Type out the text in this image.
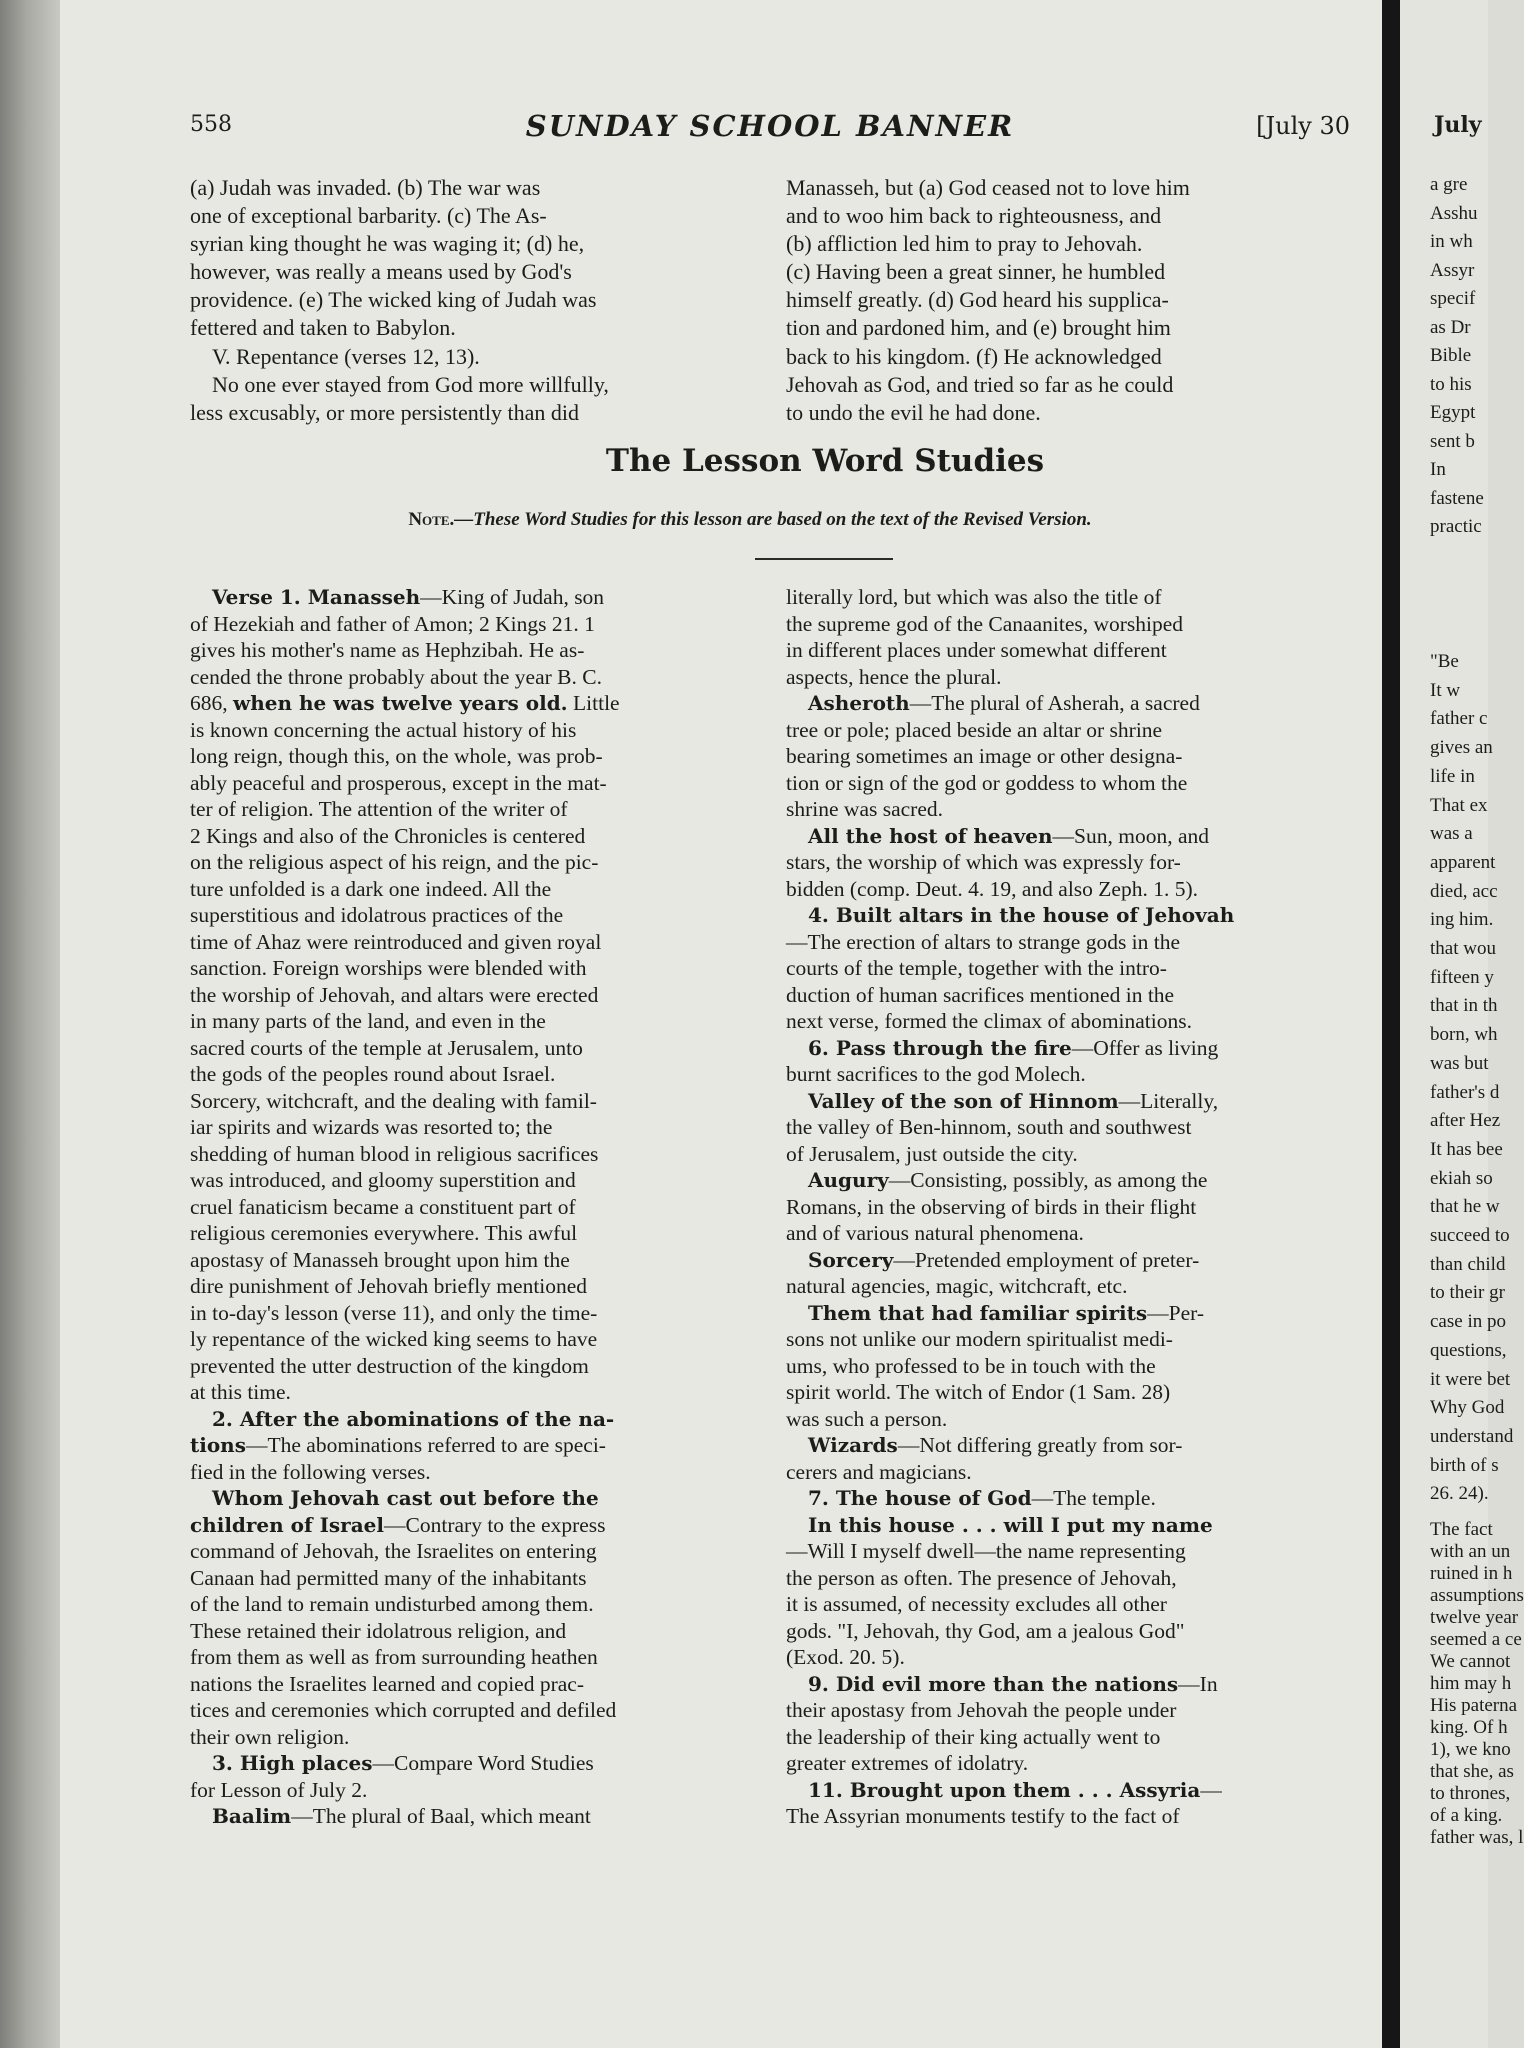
July
a gre
Asshu
in wh
Assyr
specif
as Dr
Bible
to his
Egypt
sent b
In
fastene
practic
"Be
It w
father c
gives an
life in
That ex
was a
apparent
died, acc
ing him.
that wou
fifteen y
that in th
born, wh
was but
father's d
after Hez
It has bee
ekiah so
that he w
succeed to
than child
to their gr
case in po
questions,
it were bet
Why God
understand
birth of s
26. 24).
The fact
with an un
ruined in h
assumptions
twelve year
seemed a ce
We cannot
him may h
His paterna
king. Of h
1), we kno
that she, as
to thrones,
of a king.
father was, l
558	SUNDAY SCHOOL BANNER	[July 30
(a) Judah was invaded. (b) The war was
one of exceptional barbarity. (c) The As-
syrian king thought he was waging it; (d) he,
however, was really a means used by God's
providence. (e) The wicked king of Judah was
fettered and taken to Babylon.
V. Repentance (verses 12, 13).
No one ever stayed from God more willfully,
less excusably, or more persistently than did
Manasseh, but (a) God ceased not to love him
and to woo him back to righteousness, and
(b) affliction led him to pray to Jehovah.
(c) Having been a great sinner, he humbled
himself greatly. (d) God heard his supplica-
tion and pardoned him, and (e) brought him
back to his kingdom. (f) He acknowledged
Jehovah as God, and tried so far as he could
to undo the evil he had done.
The Lesson Word Studies
Note.—These Word Studies for this lesson are based on the text of the Revised Version.
Verse 1. Manasseh—King of Judah, son
of Hezekiah and father of Amon; 2 Kings 21. 1
gives his mother's name as Hephzibah. He as-
cended the throne probably about the year B. C.
686, when he was twelve years old. Little
is known concerning the actual history of his
long reign, though this, on the whole, was prob-
ably peaceful and prosperous, except in the mat-
ter of religion. The attention of the writer of
2 Kings and also of the Chronicles is centered
on the religious aspect of his reign, and the pic-
ture unfolded is a dark one indeed. All the
superstitious and idolatrous practices of the
time of Ahaz were reintroduced and given royal
sanction. Foreign worships were blended with
the worship of Jehovah, and altars were erected
in many parts of the land, and even in the
sacred courts of the temple at Jerusalem, unto
the gods of the peoples round about Israel.
Sorcery, witchcraft, and the dealing with famil-
iar spirits and wizards was resorted to; the
shedding of human blood in religious sacrifices
was introduced, and gloomy superstition and
cruel fanaticism became a constituent part of
religious ceremonies everywhere. This awful
apostasy of Manasseh brought upon him the
dire punishment of Jehovah briefly mentioned
in to-day's lesson (verse 11), and only the time-
ly repentance of the wicked king seems to have
prevented the utter destruction of the kingdom
at this time.
2. After the abominations of the na-
tions—The abominations referred to are speci-
fied in the following verses.
Whom Jehovah cast out before the
children of Israel—Contrary to the express
command of Jehovah, the Israelites on entering
Canaan had permitted many of the inhabitants
of the land to remain undisturbed among them.
These retained their idolatrous religion, and
from them as well as from surrounding heathen
nations the Israelites learned and copied prac-
tices and ceremonies which corrupted and defiled
their own religion.
3. High places—Compare Word Studies
for Lesson of July 2.
Baalim—The plural of Baal, which meant
literally lord, but which was also the title of
the supreme god of the Canaanites, worshiped
in different places under somewhat different
aspects, hence the plural.
Asheroth—The plural of Asherah, a sacred
tree or pole; placed beside an altar or shrine
bearing sometimes an image or other designa-
tion or sign of the god or goddess to whom the
shrine was sacred.
All the host of heaven—Sun, moon, and
stars, the worship of which was expressly for-
bidden (comp. Deut. 4. 19, and also Zeph. 1. 5).
4. Built altars in the house of Jehovah
—The erection of altars to strange gods in the
courts of the temple, together with the intro-
duction of human sacrifices mentioned in the
next verse, formed the climax of abominations.
6. Pass through the fire—Offer as living
burnt sacrifices to the god Molech.
Valley of the son of Hinnom—Literally,
the valley of Ben-hinnom, south and southwest
of Jerusalem, just outside the city.
Augury—Consisting, possibly, as among the
Romans, in the observing of birds in their flight
and of various natural phenomena.
Sorcery—Pretended employment of preter-
natural agencies, magic, witchcraft, etc.
Them that had familiar spirits—Per-
sons not unlike our modern spiritualist medi-
ums, who professed to be in touch with the
spirit world. The witch of Endor (1 Sam. 28)
was such a person.
Wizards—Not differing greatly from sor-
cerers and magicians.
7. The house of God—The temple.
In this house . . . will I put my name
—Will I myself dwell—the name representing
the person as often. The presence of Jehovah,
it is assumed, of necessity excludes all other
gods. "I, Jehovah, thy God, am a jealous God"
(Exod. 20. 5).
9. Did evil more than the nations—In
their apostasy from Jehovah the people under
the leadership of their king actually went to
greater extremes of idolatry.
11. Brought upon them . . . Assyria—
The Assyrian monuments testify to the fact of
